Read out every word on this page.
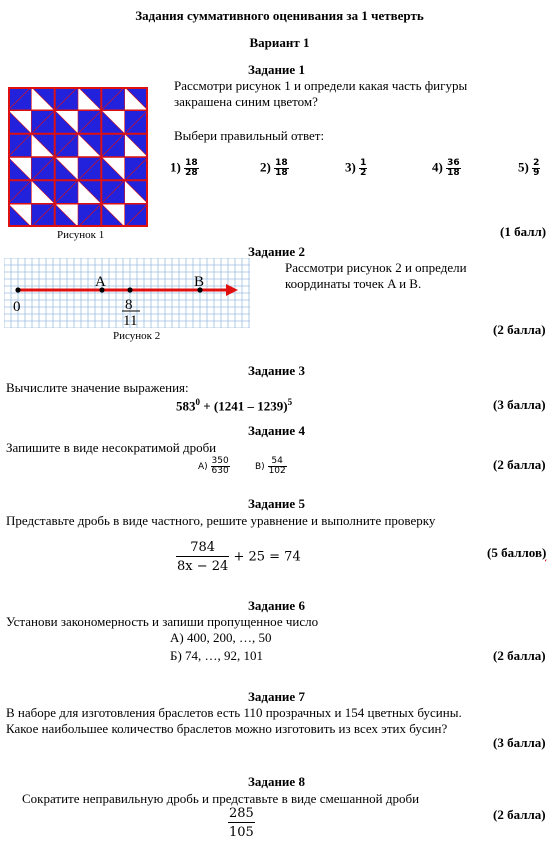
Задания суммативного оценивания за 1 четверть
Вариант 1
Задание 1
Рассмотри рисунок 1 и определи какая часть фигуры закрашена синим цветом?
Выбери правильный ответ:
Рисунок 1
$1) \frac{18}{28}$	$2) \frac{18}{18}$	$3) \frac{1}{2}$	$4) \frac{36}{18}$	$5) \frac{2}{9}$
(1 балл)
Задание 2
Рассмотри рисунок 2 и определи координаты точек A и B.
0
A	B
8
11
Рисунок 2	(2 балла)
Задание 3
Вычислите значение выражения:
$583^0 + (1241 - 1239)^5$	(3 балла)
Задание 4
Запишите в виде несократимой дроби
$A) \frac{350}{630}$	$B) \frac{54}{102}$	(2 балла)
Задание 5
Представьте дробь в виде частного, решите уравнение и выполните проверку
$\frac{784}{8x - 24} + 25 = 74$	(5 баллов)
Задание 6
Установи закономерность и запиши пропущенное число
А) 400, 200, …, 50
Б) 74, …, 92, 101	(2 балла)
Задание 7
В наборе для изготовления браслетов есть 110 прозрачных и 154 цветных бусины. Какое наибольшее количество браслетов можно изготовить из всех этих бусин?
(3 балла)
Задание 8
Сократите неправильную дробь и представьте в виде смешанной дроби
$\frac{285}{105}$	(2 балла)
